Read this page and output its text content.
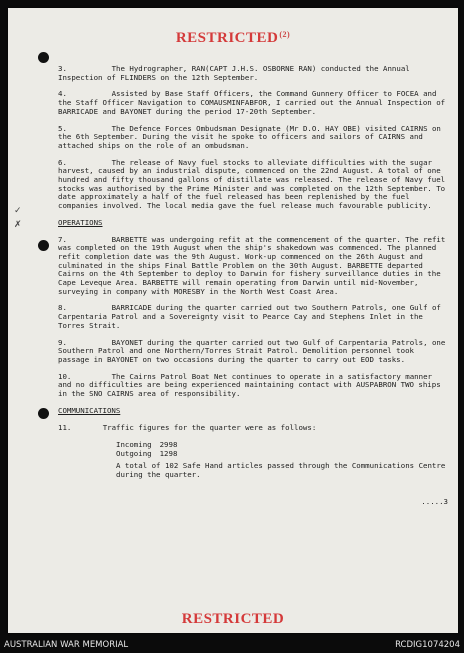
RESTRICTED$^{(2)}$
✓
✗
3.	The Hydrographer, RAN(CAPT J.H.S. OSBORNE RAN) conducted the Annual Inspection of FLINDERS on the 12th September.
4.	Assisted by Base Staff Officers, the Command Gunnery Officer to FOCEA and the Staff Officer Navigation to COMAUSMINFABFOR, I carried out the Annual Inspection of BARRICADE and BAYONET during the period 17-20th September.
5.	The Defence Forces Ombudsman Designate (Mr D.O. HAY OBE) visited CAIRNS on the 6th September. During the visit he spoke to officers and sailors of CAIRNS and attached ships on the role of an ombudsman.
6.	The release of Navy fuel stocks to alleviate difficulties with the sugar harvest, caused by an industrial dispute, commenced on the 22nd August. A total of one hundred and fifty thousand gallons of distillate was released. The release of Navy fuel stocks was authorised by the Prime Minister and was completed on the 12th September. To date approximately a half of the fuel released has been replenished by the fuel companies involved. The local media gave the fuel release much favourable publicity.
OPERATIONS
7.	BARBETTE was undergoing refit at the commencement of the quarter. The refit was completed on the 19th August when the ship's shakedown was commenced. The planned refit completion date was the 9th August. Work-up commenced on the 26th August and culminated in the ships Final Battle Problem on the 30th August. BARBETTE departed Cairns on the 4th September to deploy to Darwin for fishery surveillance duties in the Cape Leveque Area. BARBETTE will remain operating from Darwin until mid-November, surveying in company with MORESBY in the North West Coast Area.
8.	BARRICADE during the quarter carried out two Southern Patrols, one Gulf of Carpentaria Patrol and a Sovereignty visit to Pearce Cay and Stephens Inlet in the Torres Strait.
9.	BAYONET during the quarter carried out two Gulf of Carpentaria Patrols, one Southern Patrol and one Northern/Torres Strait Patrol. Demolition personnel took passage in BAYONET on two occasions during the quarter to carry out EOD tasks.
10.	The Cairns Patrol Boat Net continues to operate in a satisfactory manner and no difficulties are being experienced maintaining contact with AUSPABRON TWO ships in the SNO CAIRNS area of responsibility.
COMMUNICATIONS
11.	Traffic figures for the quarter were as follows:
Incoming	2998
Outgoing	1298
A total of 102 Safe Hand articles passed through the Communications Centre during the quarter.
.....3
RESTRICTED
AUSTRALIAN WAR MEMORIAL	RCDIG1074204
